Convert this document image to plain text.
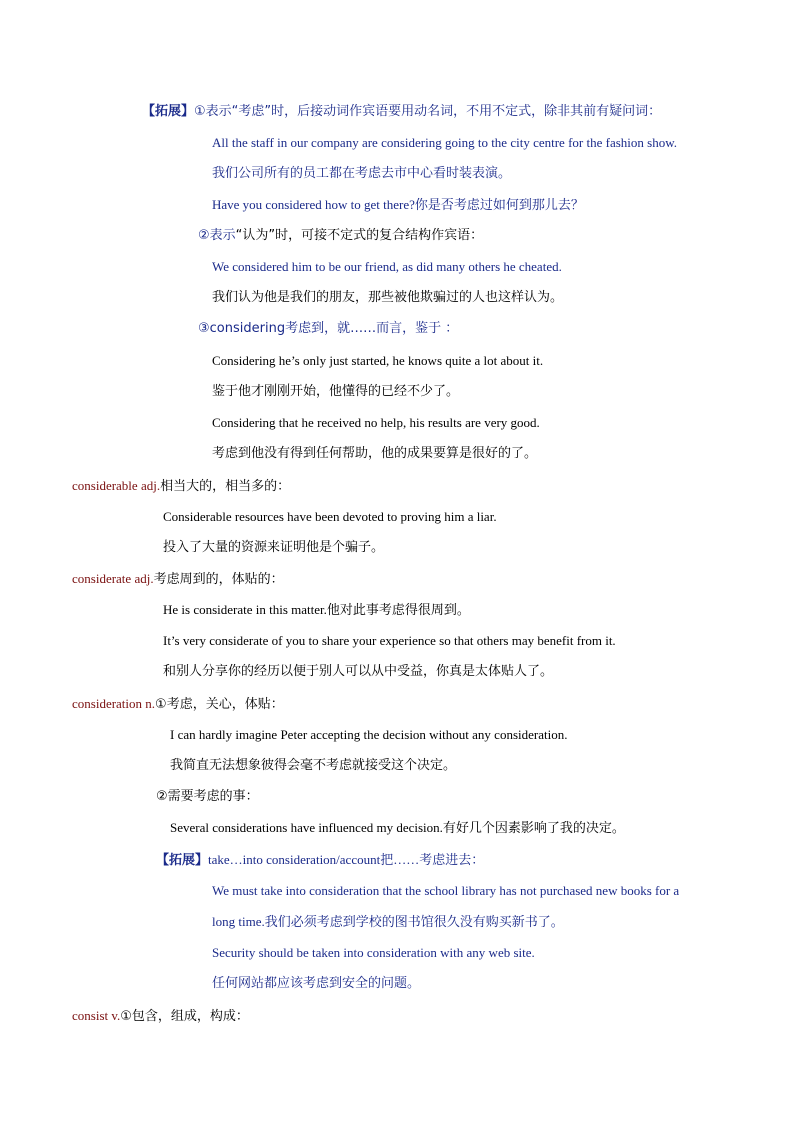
【拓展】①表示“考虑”时，后接动词作宾语要用动名词，不用不定式，除非其前有疑问词：
All the staff in our company are considering going to the city centre for the fashion show.
我们公司所有的员工都在考虑去市中心看时装表演。
Have you considered how to get there?你是否考虑过如何到那儿去？
②表示“认为”时，可接不定式的复合结构作宾语：
We considered him to be our friend, as did many others he cheated.
我们认为他是我们的朋友，那些被他欺骗过的人也这样认为。
③considering考虑到，就……而言，鉴于 ：
Considering he’s only just started, he knows quite a lot about it.
鉴于他才刚刚开始，他懂得的已经不少了。
Considering that he received no help, his results are very good.
考虑到他没有得到任何帮助，他的成果要算是很好的了。
considerable adj.相当大的，相当多的：
Considerable resources have been devoted to proving him a liar.
投入了大量的资源来证明他是个骗子。
considerate adj.考虑周到的，体贴的：
He is considerate in this matter.他对此事考虑得很周到。
It’s very considerate of you to share your experience so that others may benefit from it.
和别人分享你的经历以便于别人可以从中受益，你真是太体贴人了。
consideration n.①考虑，关心，体贴：
I can hardly imagine Peter accepting the decision without any consideration.
我简直无法想象彼得会毫不考虑就接受这个决定。
②需要考虑的事：
Several considerations have influenced my decision.有好几个因素影响了我的决定。
【拓展】take…into consideration/account把……考虑进去：
We must take into consideration that the school library has not purchased new books for a
long time.我们必须考虑到学校的图书馆很久没有购买新书了。
Security should be taken into consideration with any web site.
任何网站都应该考虑到安全的问题。
consist v.①包含，组成，构成：
